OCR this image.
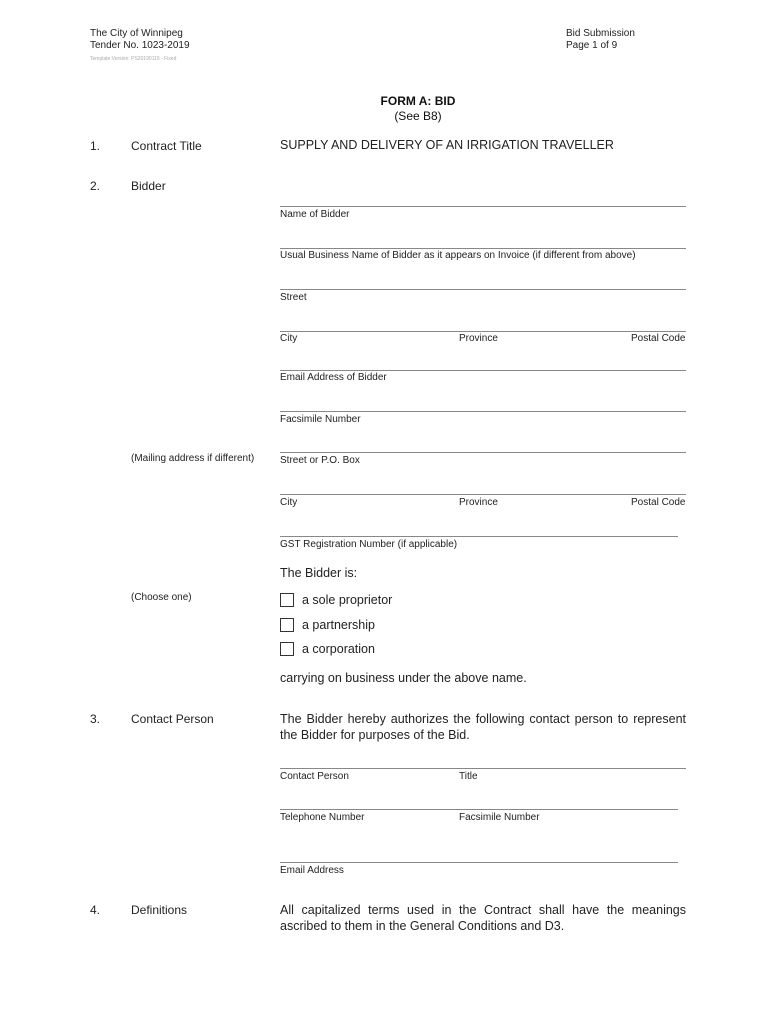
The City of Winnipeg
Tender No. 1023-2019
Template Version: PS20190115 - Fixed
Bid Submission
Page 1 of 9
FORM A: BID
(See B8)
1.	Contract Title	SUPPLY AND DELIVERY OF AN IRRIGATION TRAVELLER
2.	Bidder
Name of Bidder
Usual Business Name of Bidder as it appears on Invoice (if different from above)
Street
City	Province	Postal Code
Email Address of Bidder
Facsimile Number
(Mailing address if different)	Street or P.O. Box
City	Province	Postal Code
GST Registration Number (if applicable)
The Bidder is:
(Choose one)	a sole proprietor
a partnership
a corporation
carrying on business under the above name.
3.	Contact Person	The Bidder hereby authorizes the following contact person to represent the Bidder for purposes of the Bid.
Contact Person	Title
Telephone Number	Facsimile Number
Email Address
4.	Definitions	All capitalized terms used in the Contract shall have the meanings ascribed to them in the General Conditions and D3.
